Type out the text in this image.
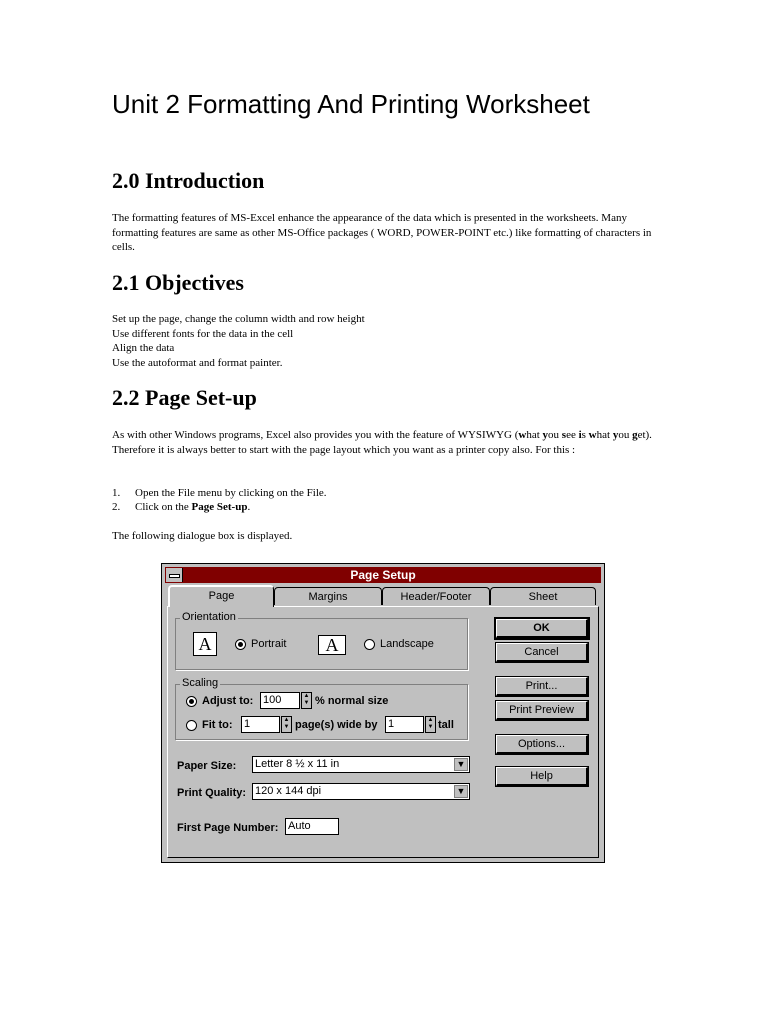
Unit 2 Formatting And Printing Worksheet
2.0 Introduction

The formatting features of MS-Excel enhance the appearance of the data which is presented in the worksheets. Many formatting features are same as other MS-Office packages ( WORD, POWER-POINT etc.) like formatting of characters in cells.

2.1 Objectives
Set up the page, change the column width and row height
Use different fonts for the data in the cell
Align the data
Use the autoformat and format painter.
2.2 Page Set-up

As with other Windows programs, Excel also provides you with the feature of WYSIWYG (what you see is what you get). Therefore it is always better to start with the page layout which you want as a printer copy also. For this :

1. Open the File menu by clicking on the File.
2. Click on the Page Set-up.

The following dialogue box is displayed.

Page Setup
Page	Margins	Header/Footer	Sheet
Orientation
A	Portrait	A	Landscape
Scaling
Adjust to: 100	▲
▼ % normal size
Fit to: 1	▲
▼ page(s) wide by 1	▲
▼ tall
Paper Size: Letter 8 ½ x 11 in	▼
Print Quality: 120 x 144 dpi	▼
First Page Number: Auto
OK
Cancel
Print...
Print Preview
Options...
Help
